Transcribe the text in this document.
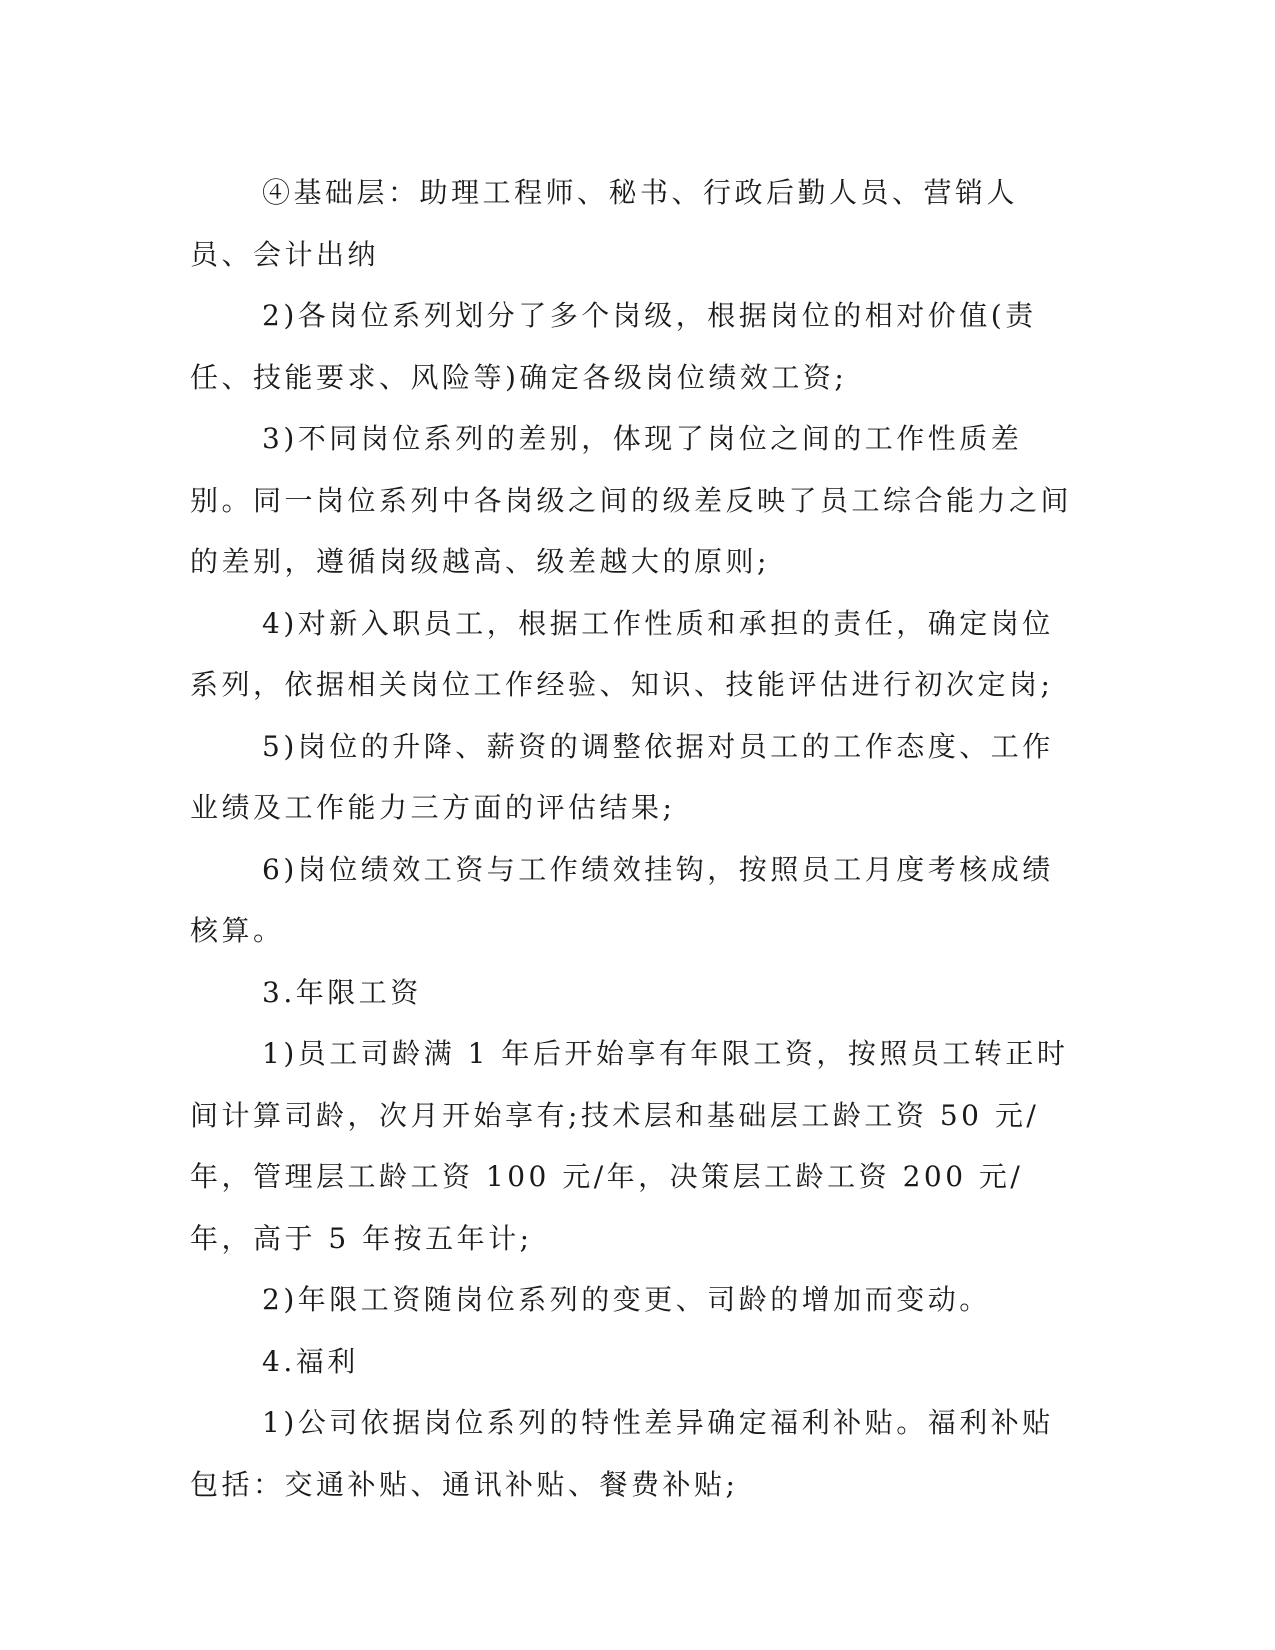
④基础层：助理工程师、秘书、行政后勤人员、营销人员、会计出纳

2)各岗位系列划分了多个岗级，根据岗位的相对价值(责任、技能要求、风险等)确定各级岗位绩效工资;

3)不同岗位系列的差别，体现了岗位之间的工作性质差别。同一岗位系列中各岗级之间的级差反映了员工综合能力之间的差别，遵循岗级越高、级差越大的原则;

4)对新入职员工，根据工作性质和承担的责任，确定岗位系列，依据相关岗位工作经验、知识、技能评估进行初次定岗;

5)岗位的升降、薪资的调整依据对员工的工作态度、工作业绩及工作能力三方面的评估结果;

6)岗位绩效工资与工作绩效挂钩，按照员工月度考核成绩核算。

3.年限工资

1)员工司龄满 1 年后开始享有年限工资，按照员工转正时间计算司龄，次月开始享有;技术层和基础层工龄工资 50 元/年，管理层工龄工资 100 元/年，决策层工龄工资 200 元/年，高于 5 年按五年计;

2)年限工资随岗位系列的变更、司龄的增加而变动。

4.福利

1)公司依据岗位系列的特性差异确定福利补贴。福利补贴包括：交通补贴、通讯补贴、餐费补贴;
